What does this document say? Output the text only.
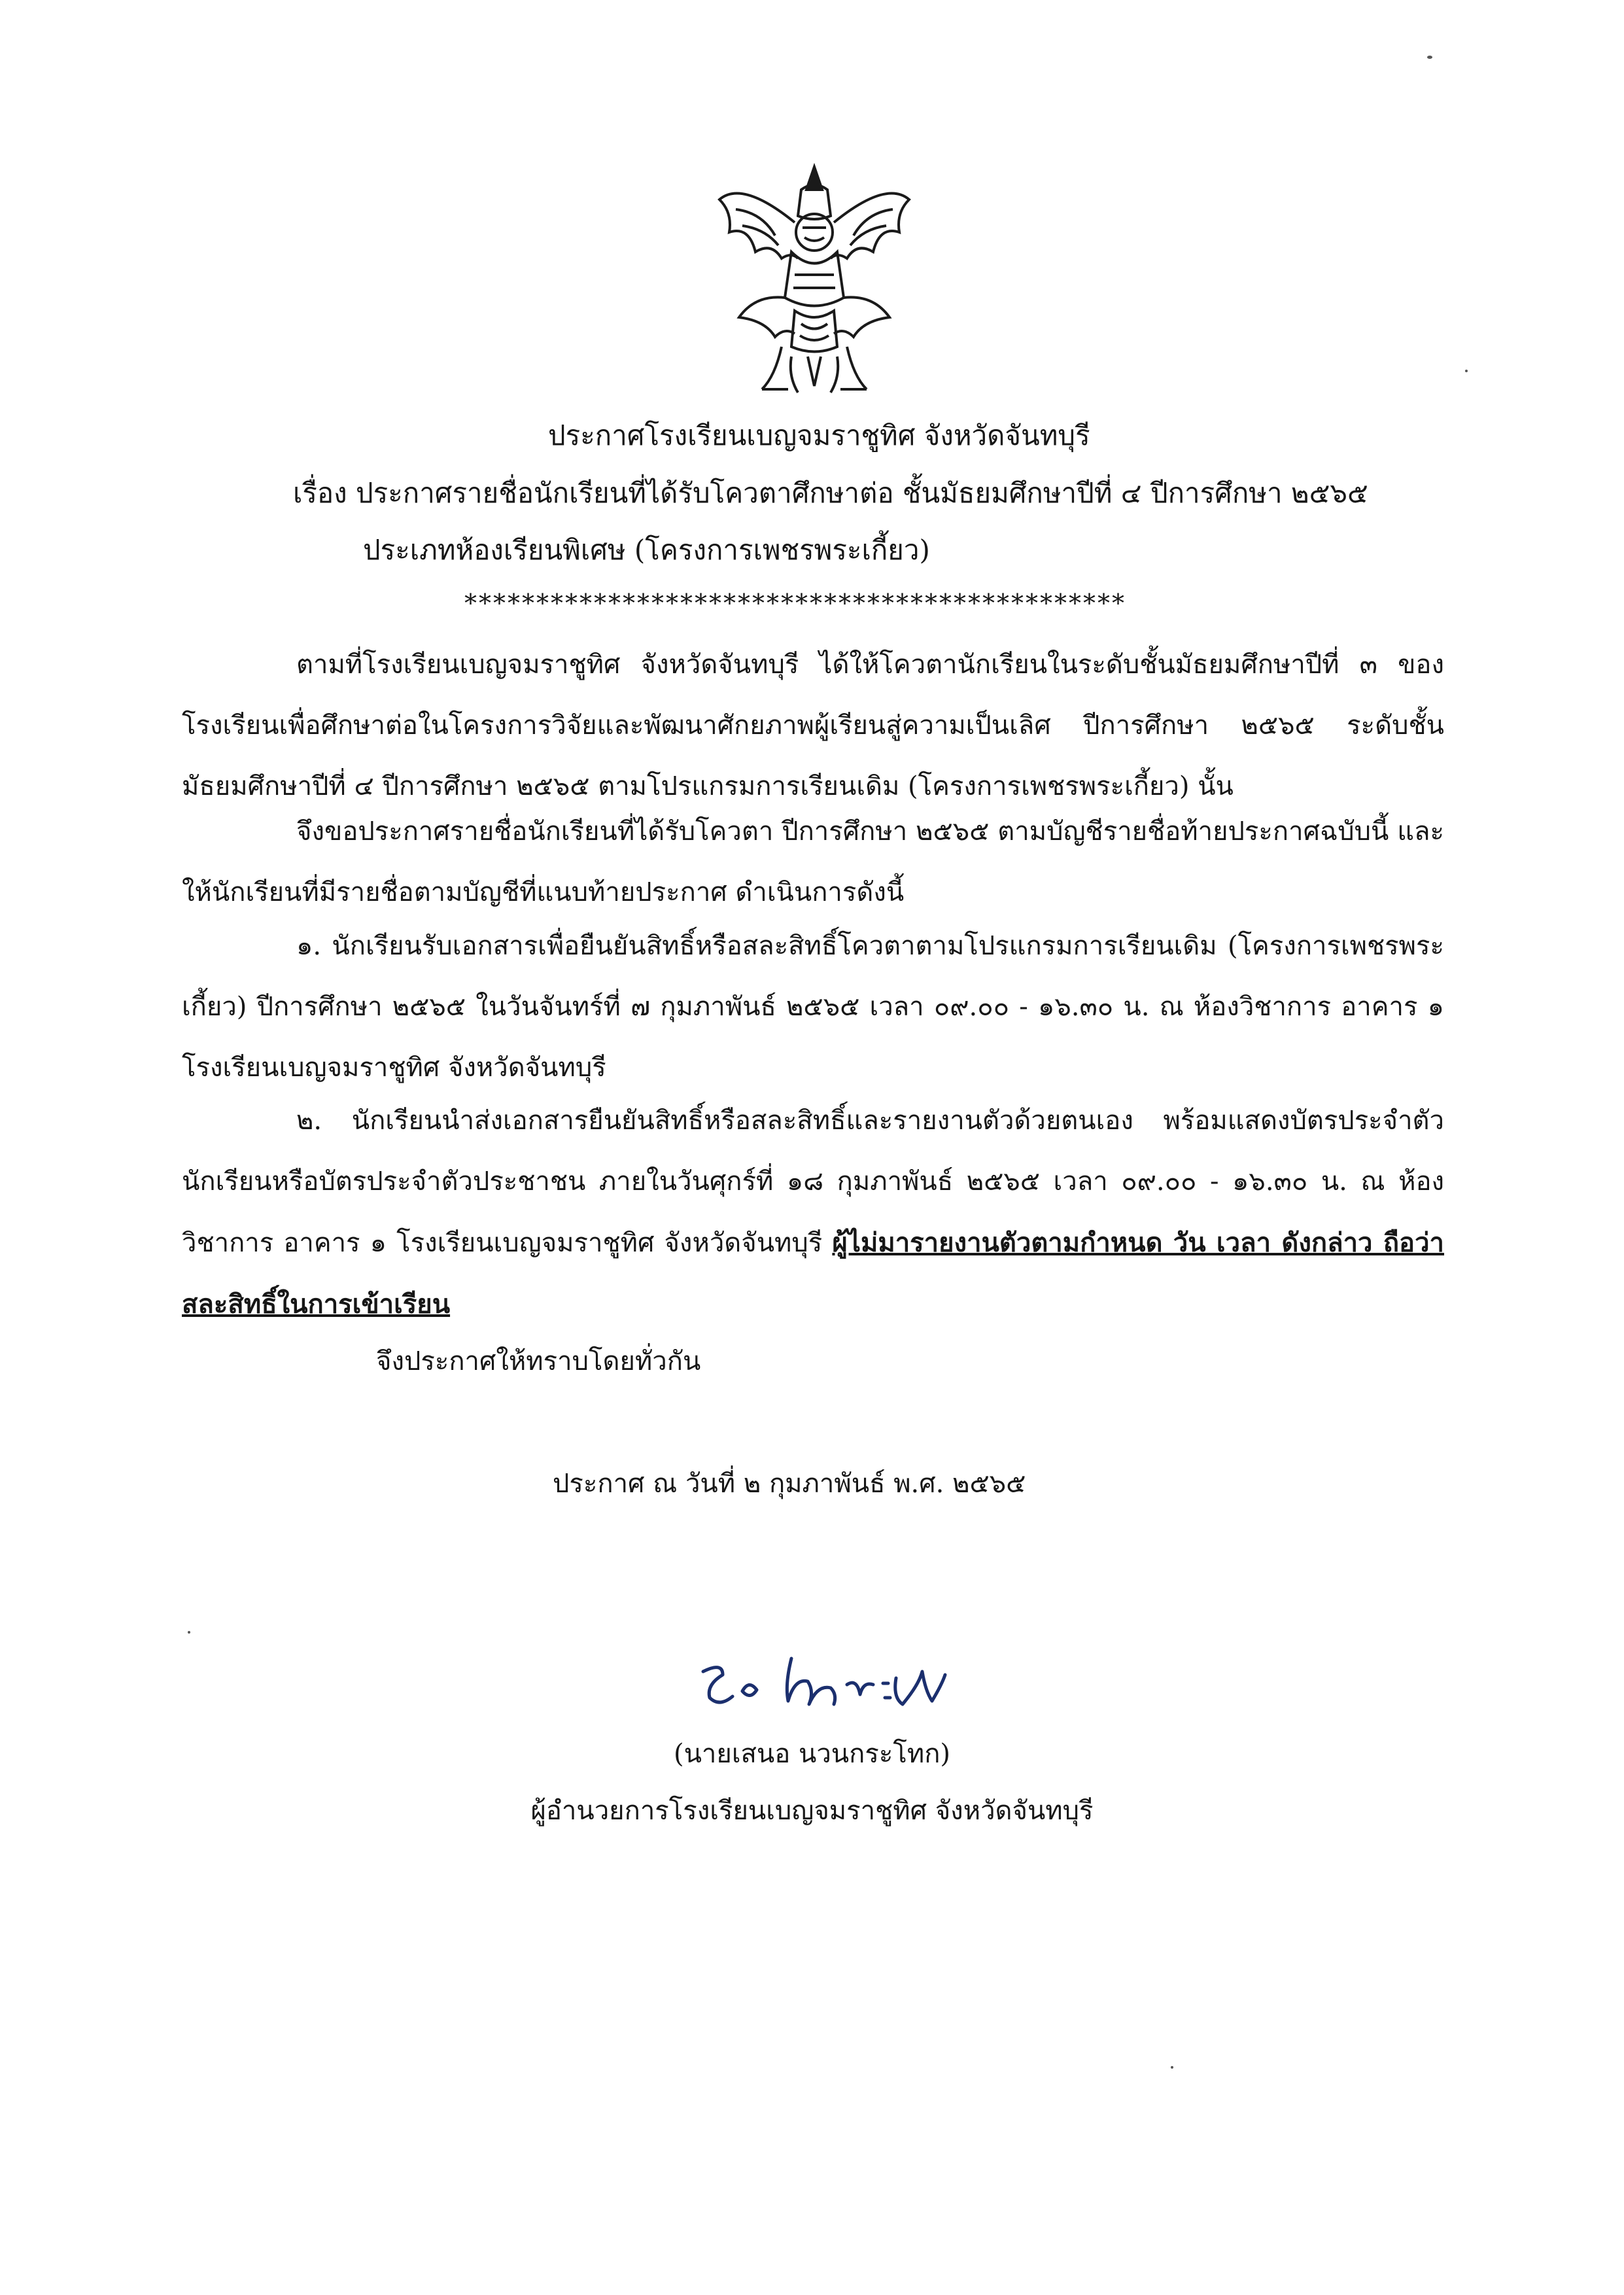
ประกาศโรงเรียนเบญจมราชูทิศ จังหวัดจันทบุรี
เรื่อง ประกาศรายชื่อนักเรียนที่ได้รับโควตาศึกษาต่อ ชั้นมัธยมศึกษาปีที่ ๔ ปีการศึกษา ๒๕๖๕
ประเภทห้องเรียนพิเศษ (โครงการเพชรพระเกี้ยว)
**********************************************
ตามที่โรงเรียนเบญจมราชูทิศ จังหวัดจันทบุรี ได้ให้โควตานักเรียนในระดับชั้นมัธยมศึกษาปีที่ ๓ ของโรงเรียนเพื่อศึกษาต่อในโครงการวิจัยและพัฒนาศักยภาพผู้เรียนสู่ความเป็นเลิศ ปีการศึกษา ๒๕๖๕ ระดับชั้นมัธยมศึกษาปีที่ ๔ ปีการศึกษา ๒๕๖๕ ตามโปรแกรมการเรียนเดิม (โครงการเพชรพระเกี้ยว) นั้น
จึงขอประกาศรายชื่อนักเรียนที่ได้รับโควตา ปีการศึกษา ๒๕๖๕ ตามบัญชีรายชื่อท้ายประกาศฉบับนี้ และให้นักเรียนที่มีรายชื่อตามบัญชีที่แนบท้ายประกาศ ดำเนินการดังนี้
๑. นักเรียนรับเอกสารเพื่อยืนยันสิทธิ์หรือสละสิทธิ์โควตาตามโปรแกรมการเรียนเดิม (โครงการเพชรพระเกี้ยว) ปีการศึกษา ๒๕๖๕ ในวันจันทร์ที่ ๗ กุมภาพันธ์ ๒๕๖๕ เวลา ๐๙.๐๐ - ๑๖.๓๐ น. ณ ห้องวิชาการ อาคาร ๑ โรงเรียนเบญจมราชูทิศ จังหวัดจันทบุรี
๒. นักเรียนนำส่งเอกสารยืนยันสิทธิ์หรือสละสิทธิ์และรายงานตัวด้วยตนเอง พร้อมแสดงบัตรประจำตัวนักเรียนหรือบัตรประจำตัวประชาชน ภายในวันศุกร์ที่ ๑๘ กุมภาพันธ์ ๒๕๖๕ เวลา ๐๙.๐๐ - ๑๖.๓๐ น. ณ ห้องวิชาการ อาคาร ๑ โรงเรียนเบญจมราชูทิศ จังหวัดจันทบุรี ผู้ไม่มารายงานตัวตามกำหนด วัน เวลา ดังกล่าว ถือว่าสละสิทธิ์ในการเข้าเรียน
จึงประกาศให้ทราบโดยทั่วกัน
ประกาศ ณ วันที่ ๒ กุมภาพันธ์ พ.ศ. ๒๕๖๕
(นายเสนอ นวนกระโทก)
ผู้อำนวยการโรงเรียนเบญจมราชูทิศ จังหวัดจันทบุรี
